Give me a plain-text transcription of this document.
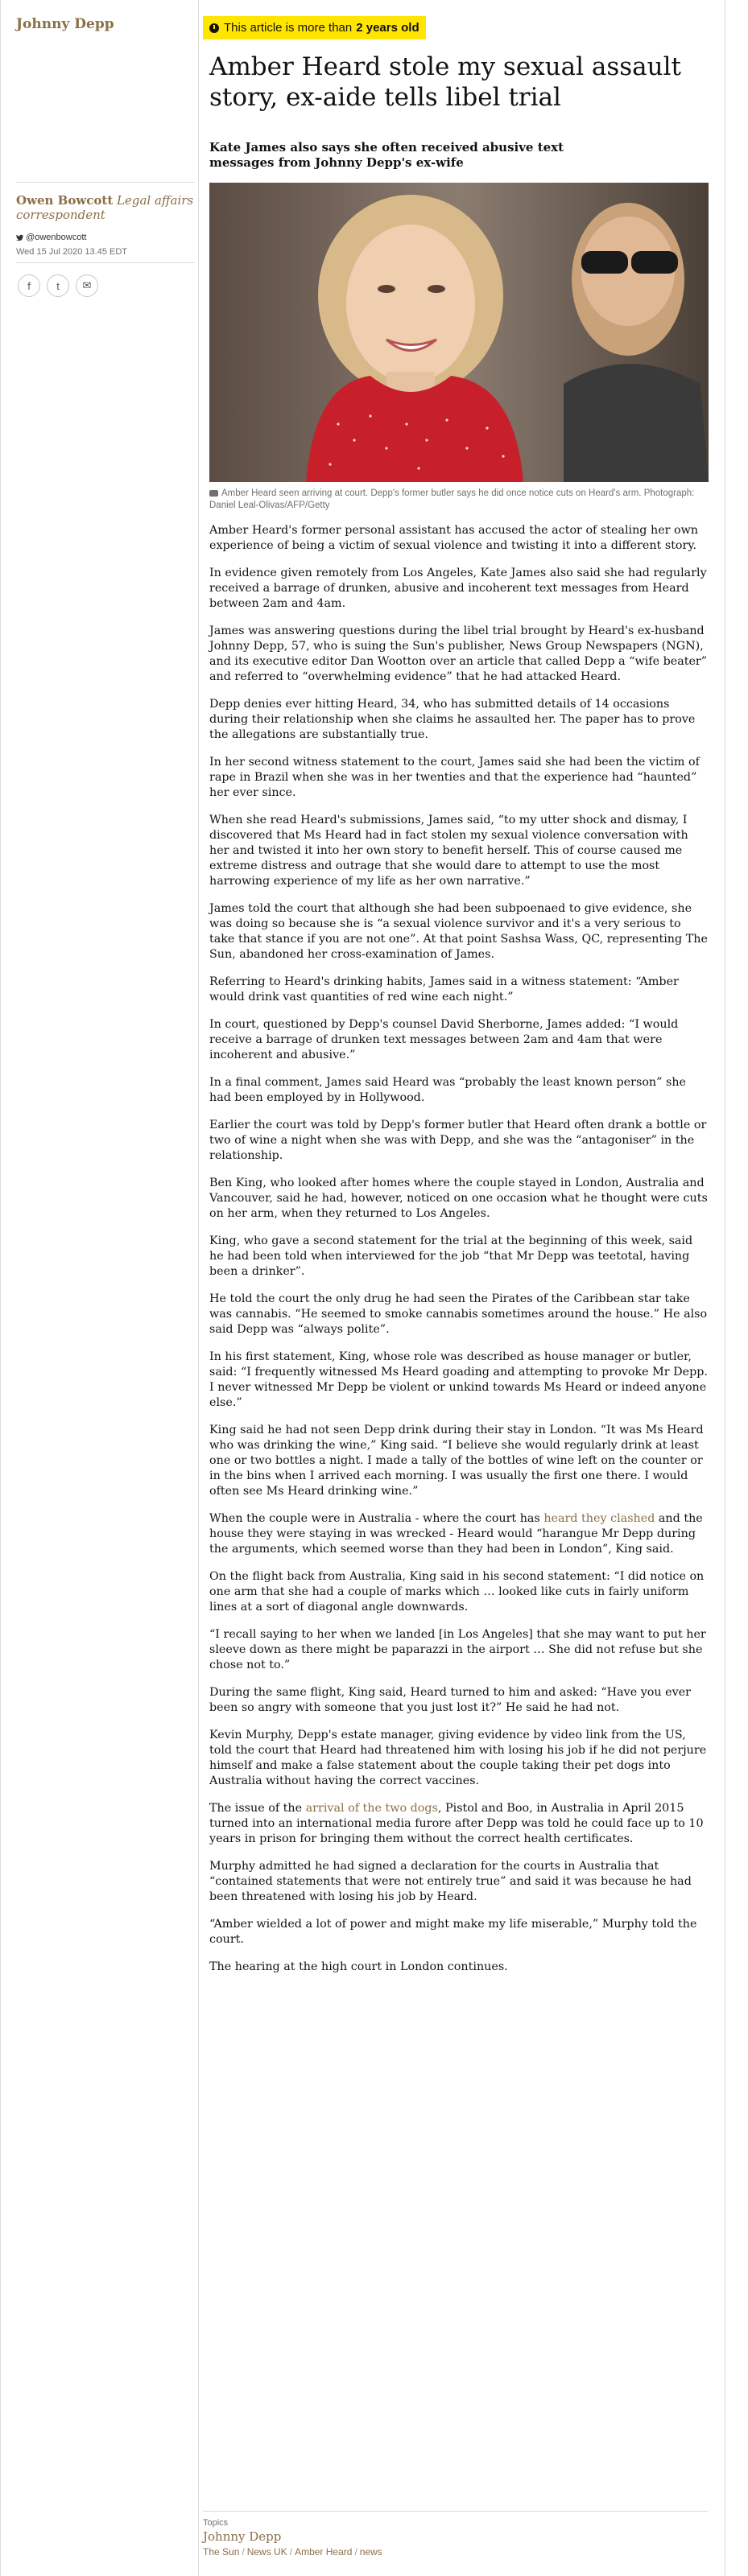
Johnny Depp
Owen Bowcott Legal affairs correspondent
@owenbowcott
Wed 15 Jul 2020 13.45 EDT
f t ✉
This article is more than 2 years old
Amber Heard stole my sexual assault story, ex-aide tells libel trial
Kate James also says she often received abusive text messages from Johnny Depp's ex-wife
Amber Heard seen arriving at court. Depp's former butler says he did once notice cuts on Heard's arm. Photograph: Daniel Leal-Olivas/AFP/Getty

Amber Heard's former personal assistant has accused the actor of stealing her own experience of being a victim of sexual violence and twisting it into a different story.

In evidence given remotely from Los Angeles, Kate James also said she had regularly received a barrage of drunken, abusive and incoherent text messages from Heard between 2am and 4am.

James was answering questions during the libel trial brought by Heard's ex-husband Johnny Depp, 57, who is suing the Sun's publisher, News Group Newspapers (NGN), and its executive editor Dan Wootton over an article that called Depp a “wife beater” and referred to “overwhelming evidence” that he had attacked Heard.

Depp denies ever hitting Heard, 34, who has submitted details of 14 occasions during their relationship when she claims he assaulted her. The paper has to prove the allegations are substantially true.

In her second witness statement to the court, James said she had been the victim of rape in Brazil when she was in her twenties and that the experience had “haunted” her ever since.

When she read Heard's submissions, James said, “to my utter shock and dismay, I discovered that Ms Heard had in fact stolen my sexual violence conversation with her and twisted it into her own story to benefit herself. This of course caused me extreme distress and outrage that she would dare to attempt to use the most harrowing experience of my life as her own narrative.”

James told the court that although she had been subpoenaed to give evidence, she was doing so because she is “a sexual violence survivor and it's a very serious to take that stance if you are not one”. At that point Sashsa Wass, QC, representing The Sun, abandoned her cross-examination of James.

Referring to Heard's drinking habits, James said in a witness statement: “Amber would drink vast quantities of red wine each night.”

In court, questioned by Depp's counsel David Sherborne, James added: “I would receive a barrage of drunken text messages between 2am and 4am that were incoherent and abusive.”

In a final comment, James said Heard was “probably the least known person” she had been employed by in Hollywood.

Earlier the court was told by Depp's former butler that Heard often drank a bottle or two of wine a night when she was with Depp, and she was the “antagoniser” in the relationship.

Ben King, who looked after homes where the couple stayed in London, Australia and Vancouver, said he had, however, noticed on one occasion what he thought were cuts on her arm, when they returned to Los Angeles.

King, who gave a second statement for the trial at the beginning of this week, said he had been told when interviewed for the job “that Mr Depp was teetotal, having been a drinker”.

He told the court the only drug he had seen the Pirates of the Caribbean star take was cannabis. “He seemed to smoke cannabis sometimes around the house.” He also said Depp was “always polite”.

In his first statement, King, whose role was described as house manager or butler, said: “I frequently witnessed Ms Heard goading and attempting to provoke Mr Depp. I never witnessed Mr Depp be violent or unkind towards Ms Heard or indeed anyone else.”

King said he had not seen Depp drink during their stay in London. “It was Ms Heard who was drinking the wine,” King said. “I believe she would regularly drink at least one or two bottles a night. I made a tally of the bottles of wine left on the counter or in the bins when I arrived each morning. I was usually the first one there. I would often see Ms Heard drinking wine.”

When the couple were in Australia - where the court has heard they clashed and the house they were staying in was wrecked - Heard would “harangue Mr Depp during the arguments, which seemed worse than they had been in London”, King said.

On the flight back from Australia, King said in his second statement: “I did notice on one arm that she had a couple of marks which … looked like cuts in fairly uniform lines at a sort of diagonal angle downwards.

“I recall saying to her when we landed [in Los Angeles] that she may want to put her sleeve down as there might be paparazzi in the airport … She did not refuse but she chose not to.”

During the same flight, King said, Heard turned to him and asked: “Have you ever been so angry with someone that you just lost it?” He said he had not.

Kevin Murphy, Depp's estate manager, giving evidence by video link from the US, told the court that Heard had threatened him with losing his job if he did not perjure himself and make a false statement about the couple taking their pet dogs into Australia without having the correct vaccines.

The issue of the arrival of the two dogs, Pistol and Boo, in Australia in April 2015 turned into an international media furore after Depp was told he could face up to 10 years in prison for bringing them without the correct health certificates.

Murphy admitted he had signed a declaration for the courts in Australia that “contained statements that were not entirely true” and said it was because he had been threatened with losing his job by Heard.

“Amber wielded a lot of power and might make my life miserable,” Murphy told the court.

The hearing at the high court in London continues.

Topics
Johnny Depp
The Sun / News UK / Amber Heard / news
